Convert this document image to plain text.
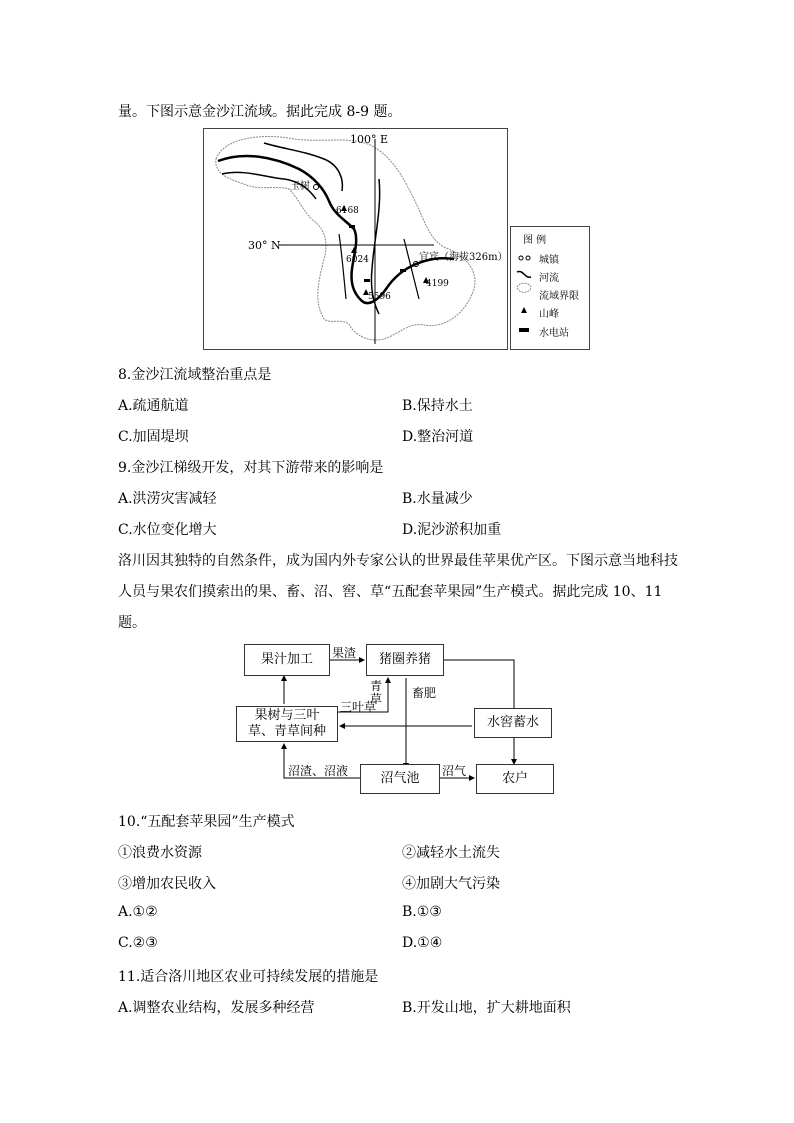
量。下图示意金沙江流域。据此完成 8-9 题。
100° E
30° N
玉树
宜宾（海拔326m）
6168
6024
5596
4199
图 例
城镇
河流
流域界限
山峰
水电站
8.金沙江流域整治重点是
A.疏通航道	B.保持水土
C.加固堤坝	D.整治河道
9.金沙江梯级开发，对其下游带来的影响是
A.洪涝灾害减轻	B.水量减少
C.水位变化增大	D.泥沙淤积加重
洛川因其独特的自然条件，成为国内外专家公认的世界最佳苹果优产区。下图示意当地科技
人员与果农们摸索出的果、畜、沼、窖、草“五配套苹果园”生产模式。据此完成 10、11
题。
果汁加工	猪圈养猪
果树与三叶草、青草间种
水窖蓄水
沼气池	农户
果渣
青草 畜肥
三叶草
沼渣、沼液	沼气
10.“五配套苹果园”生产模式
①浪费水资源	②减轻水土流失
③增加农民收入	④加剧大气污染
A.①②	B.①③
C.②③	D.①④
11.适合洛川地区农业可持续发展的措施是
A.调整农业结构，发展多种经营	B.开发山地，扩大耕地面积
